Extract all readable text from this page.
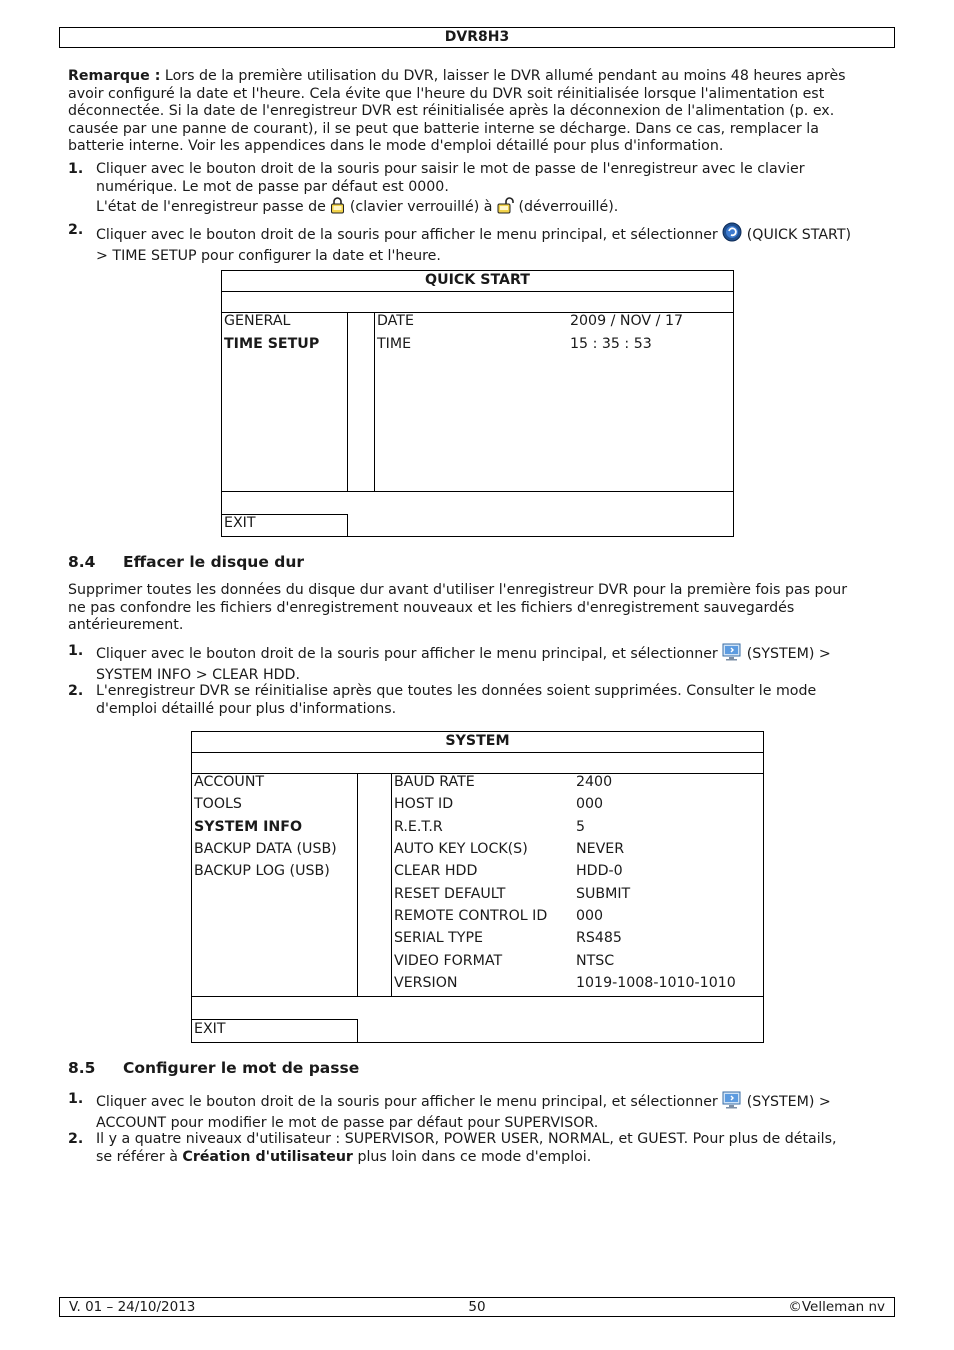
DVR8H3
Remarque : Lors de la première utilisation du DVR, laisser le DVR allumé pendant au moins 48 heures après
avoir configuré la date et l'heure. Cela évite que l'heure du DVR soit réinitialisée lorsque l'alimentation est
déconnectée. Si la date de l'enregistreur DVR est réinitialisée après la déconnexion de l'alimentation (p. ex.
causée par une panne de courant), il se peut que batterie interne se décharge. Dans ce cas, remplacer la
batterie interne. Voir les appendices dans le mode d'emploi détaillé pour plus d'information.
1. Cliquer avec le bouton droit de la souris pour saisir le mot de passe de l'enregistreur avec le clavier
numérique. Le mot de passe par défaut est 0000.
L'état de l'enregistreur passe de  (clavier verrouillé) à  (déverrouillé).
2. Cliquer avec le bouton droit de la souris pour afficher le menu principal, et sélectionner  (QUICK START)
> TIME SETUP pour configurer la date et l'heure.
QUICK START
GENERAL
TIME SETUP
DATE	2009 / NOV / 17
TIME	15 : 35 : 53
EXIT
8.4 Effacer le disque dur
Supprimer toutes les données du disque dur avant d'utiliser l'enregistreur DVR pour la première fois pas pour
ne pas confondre les fichiers d'enregistrement nouveaux et les fichiers d'enregistrement sauvegardés
antérieurement.
1. Cliquer avec le bouton droit de la souris pour afficher le menu principal, et sélectionner  (SYSTEM) >
SYSTEM INFO > CLEAR HDD.
2. L'enregistreur DVR se réinitialise après que toutes les données soient supprimées. Consulter le mode
d'emploi détaillé pour plus d'informations.
SYSTEM
ACCOUNT
TOOLS
SYSTEM INFO
BACKUP DATA (USB)
BACKUP LOG (USB)
BAUD RATE	2400
HOST ID	000
R.E.T.R	5
AUTO KEY LOCK(S)	NEVER
CLEAR HDD	HDD-0
RESET DEFAULT	SUBMIT
REMOTE CONTROL ID 000
SERIAL TYPE	RS485
VIDEO FORMAT	NTSC
VERSION	1019-1008-1010-1010
EXIT
8.5 Configurer le mot de passe
1. Cliquer avec le bouton droit de la souris pour afficher le menu principal, et sélectionner  (SYSTEM) >
ACCOUNT pour modifier le mot de passe par défaut pour SUPERVISOR.
2. Il y a quatre niveaux d'utilisateur : SUPERVISOR, POWER USER, NORMAL, et GUEST. Pour plus de détails,
se référer à Création d'utilisateur plus loin dans ce mode d'emploi.
V. 01 – 24/10/2013	50	©Velleman nv
